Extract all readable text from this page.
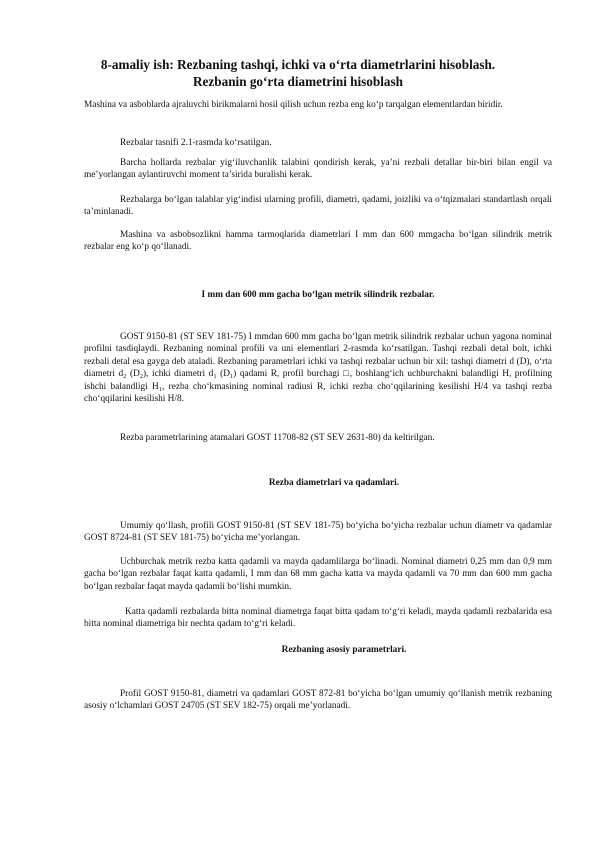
8-amaliy ish: Rezbaning tashqi, ichki va o‘rta diametrlarini hisoblash.
Rezbanin go‘rta diametrini hisoblash

Mashina va asboblarda ajraluvchi birikmalarni hosil qilish uchun rezba eng ko‘p tarqalgan elementlardan biridir.

Rezbalar tasnifi 2.1-rasmda ko‘rsatilgan.

Barcha hollarda rezbalar yig‘iluvchanlik talabini qondirish kerak, ya’ni rezbali detallar bir-biri bilan engil va me’yorlangan aylantiruvchi moment ta’sirida buralishi kerak.

Rezbalarga bo‘lgan talablar yig‘indisi ularning profili, diametri, qadami, joizliki va o‘tqizmalari standartlash orqali ta’minlanadi.

Mashina va asbobsozlikni hamma tarmoqlarida diametrlari I mm dan 600 mmgacha bo‘lgan silindrik metrik rezbalar eng ko‘p qo‘llanadi.

I mm dan 600 mm gacha bo‘lgan metrik silindrik rezbalar.

GOST 9150-81 (ST SEV 181-75) I mmdan 600 mm gacha bo‘lgan metrik silindrik rezbalar uchun yagona nominal profilni tasdiqlaydi. Rezbaning nominal profili va uni elementlari 2-rasmda ko‘rsatilgan. Tashqi rezbali detal bolt, ichki rezbali detal esa gayga deb ataladi. Rezbaning parametrlari ichki va tashqi rezbalar uchun bir xil: tashqi diametri d (D), o‘rta diametri $d_2$ $(D_2)$, ichki diametri $d_1$ $(D_1)$ qadami R, profil burchagi □, boshlang‘ich uchburchakni balandligi H, profilning ishchi balandligi $H_1$, rezba cho‘kmasining nominal radiusi R, ichki rezba cho‘qqilarining kesilishi H/4 va tashqi rezba cho‘qqilarini kesilishi H/8.

Rezba parametrlarining atamalari GOST 11708-82 (ST SEV 2631-80) da keltirilgan.

Rezba diametrlari va qadamlari.

Umumiy qo‘llash, profili GOST 9150-81 (ST SEV 181-75) bo‘yicha bo‘yicha rezbalar uchun diametr va qadamlar GOST 8724-81 (ST SEV 181-75) bo‘yicha me’yorlangan.

Uchburchak metrik rezba katta qadamli va mayda qadamlilarga bo‘linadi. Nominal diametri 0,25 mm dan 0,9 mm gacha bo‘lgan rezbalar faqat katta qadamli, I mm dan 68 mm gacha katta va mayda qadamli va 70 mm dan 600 mm gacha bo‘lgan rezbalar faqat mayda qadamli bo‘lishi mumkin.

Katta qadamli rezbalarda bitta nominal diametrga faqat bitta qadam to‘g‘ri keladi, mayda qadamli rezbalarida esa bitta nominal diametriga bir nechta qadam to‘g‘ri keladi.

Rezbaning asosiy parametrlari.

Profil GOST 9150-81, diametri va qadamlari GOST 872-81 bo‘yicha bo‘lgan umumiy qo‘llanish metrik rezbaning asosiy o‘lchamlari GOST 24705 (ST SEV 182-75) orqali me’yorlanadi.
